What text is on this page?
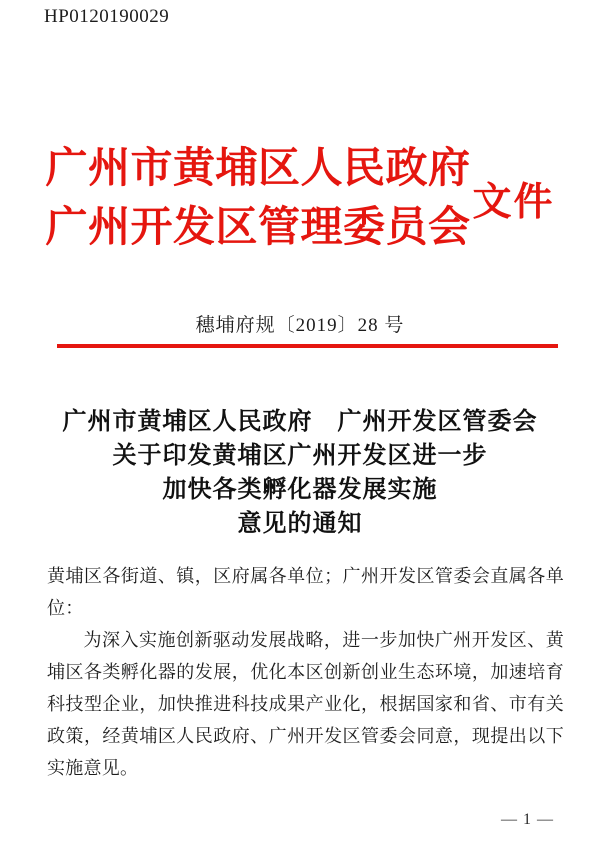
HP0120190029
广州市黄埔区人民政府
广州开发区管理委员会
文件
穗埔府规〔2019〕28 号
广州市黄埔区人民政府　广州开发区管委会
关于印发黄埔区广州开发区进一步
加快各类孵化器发展实施
意见的通知

黄埔区各街道、镇，区府属各单位；广州开发区管委会直属各单位：

为深入实施创新驱动发展战略，进一步加快广州开发区、黄埔区各类孵化器的发展，优化本区创新创业生态环境，加速培育科技型企业，加快推进科技成果产业化，根据国家和省、市有关政策，经黄埔区人民政府、广州开发区管委会同意，现提出以下实施意见。

— 1 —
